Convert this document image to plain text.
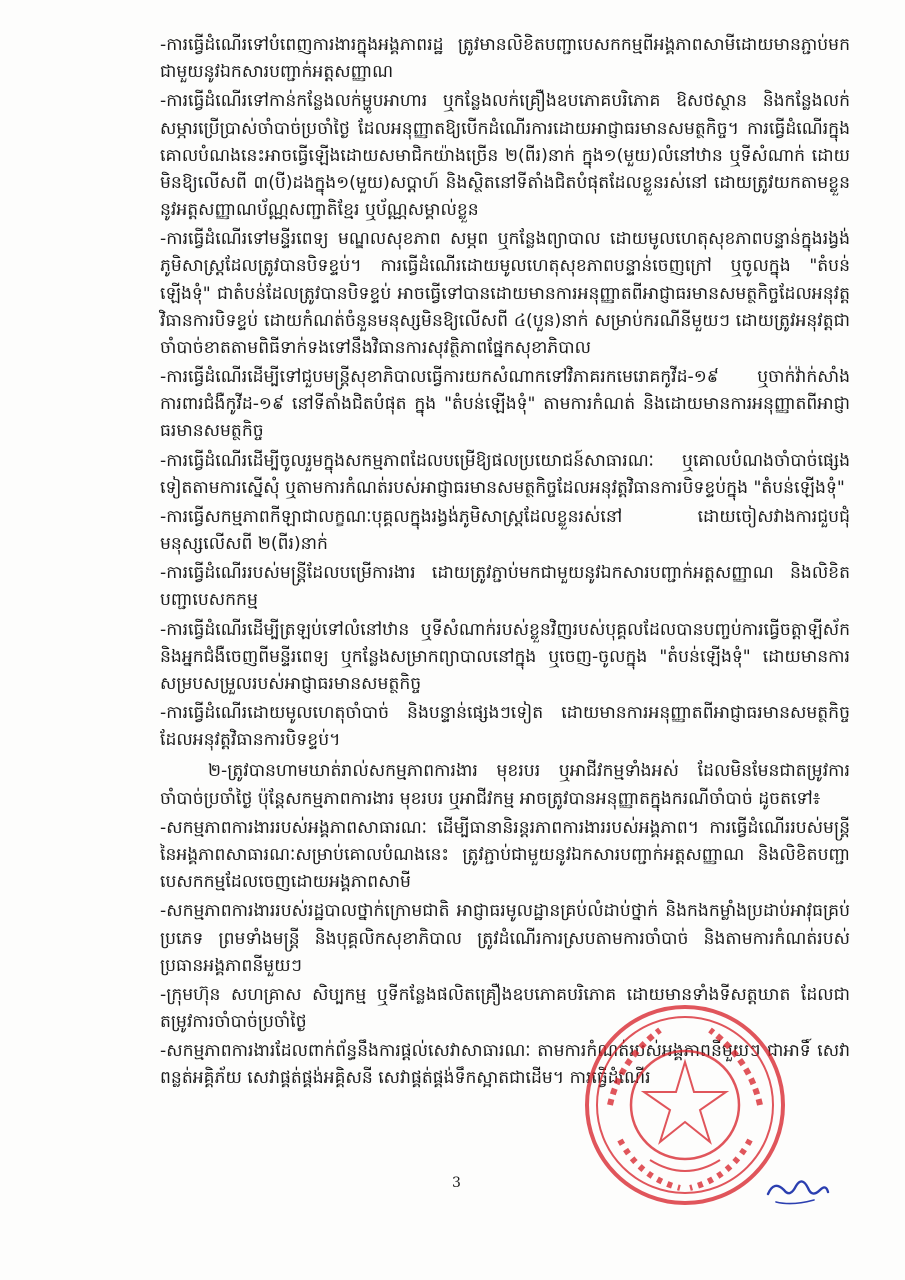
-ការធ្វើដំណើរទៅបំពេញការងារក្នុងអង្គភាពរដ្ឋ ត្រូវមានលិខិតបញ្ជាបេសកកម្មពីអង្គភាពសាមីដោយមានភ្ជាប់មកជាមួយនូវឯកសារបញ្ជាក់អត្តសញ្ញាណ

-ការធ្វើដំណើរទៅកាន់កន្លែងលក់ម្ហូបអាហារ ឬកន្លែងលក់គ្រឿងឧបភោគបរិភោគ ឱសថស្ថាន និងកន្លែងលក់សម្ភារប្រើប្រាស់ចាំបាច់ប្រចាំថ្ងៃ ដែលអនុញ្ញាតឱ្យបើកដំណើរការដោយអាជ្ញាធរមានសមត្ថកិច្ច។ ការធ្វើដំណើរក្នុងគោលបំណងនេះអាចធ្វើឡើងដោយសមាជិកយ៉ាងច្រើន ២(ពីរ)នាក់ ក្នុង១(មួយ)លំនៅឋាន ឬទីសំណាក់ ដោយមិនឱ្យលើសពី ៣(បី)ដងក្នុង១(មួយ)សប្ដាហ៍ និងស្ថិតនៅទីតាំងជិតបំផុតដែលខ្លួនរស់នៅ ដោយត្រូវយកតាមខ្លួននូវអត្តសញ្ញាណប័ណ្ណសញ្ជាតិខ្មែរ ឬប័ណ្ណសម្គាល់ខ្លួន

-ការធ្វើដំណើរទៅមន្ទីរពេទ្យ មណ្ឌលសុខភាព សម្ភព ឬកន្លែងព្យាបាល ដោយមូលហេតុសុខភាពបន្ទាន់ក្នុងរង្វង់ភូមិសាស្ត្រដែលត្រូវបានបិទខ្ទប់។ ការធ្វើដំណើរដោយមូលហេតុសុខភាពបន្ទាន់ចេញក្រៅ ឬចូលក្នុង "តំបន់ឡើងទុំ" ជាតំបន់ដែលត្រូវបានបិទខ្ទប់ អាចធ្វើទៅបានដោយមានការអនុញ្ញាតពីអាជ្ញាធរមានសមត្ថកិច្ចដែលអនុវត្តវិធានការបិទខ្ទប់ ដោយកំណត់ចំនួនមនុស្សមិនឱ្យលើសពី ៤(បួន)នាក់ សម្រាប់ករណីនីមួយៗ ដោយត្រូវអនុវត្តជាចាំបាច់ខាតតាមពិធីទាក់ទងទៅនឹងវិធានការសុវត្ថិភាពផ្នែកសុខាភិបាល

-ការធ្វើដំណើរដើម្បីទៅជួបមន្ត្រីសុខាភិបាលធ្វើការយកសំណាកទៅវិភាគរកមេរោគកូវីដ-១៩ ឬចាក់វ៉ាក់សាំងការពារជំងឺកូវីដ-១៩ នៅទីតាំងជិតបំផុត ក្នុង "តំបន់ឡើងទុំ" តាមការកំណត់ និងដោយមានការអនុញ្ញាតពីអាជ្ញាធរមានសមត្ថកិច្ច

-ការធ្វើដំណើរដើម្បីចូលរួមក្នុងសកម្មភាពដែលបម្រើឱ្យផលប្រយោជន៍សាធារណៈ ឬគោលបំណងចាំបាច់ផ្សេងទៀតតាមការស្នើសុំ ឬតាមការកំណត់របស់អាជ្ញាធរមានសមត្ថកិច្ចដែលអនុវត្តវិធានការបិទខ្ទប់ក្នុង "តំបន់ឡើងទុំ"

-ការធ្វើសកម្មភាពកីឡាជាលក្ខណៈបុគ្គលក្នុងរង្វង់ភូមិសាស្ត្រដែលខ្លួនរស់នៅ ដោយចៀសវាងការជួបជុំមនុស្សលើសពី ២(ពីរ)នាក់

-ការធ្វើដំណើររបស់មន្ត្រីដែលបម្រើការងារ ដោយត្រូវភ្ជាប់មកជាមួយនូវឯកសារបញ្ជាក់អត្តសញ្ញាណ និងលិខិតបញ្ជាបេសកកម្ម

-ការធ្វើដំណើរដើម្បីត្រឡប់ទៅលំនៅឋាន ឬទីសំណាក់របស់ខ្លួនវិញរបស់បុគ្គលដែលបានបញ្ចប់ការធ្វើចត្តាឡីស័ក និងអ្នកជំងឺចេញពីមន្ទីរពេទ្យ ឬកន្លែងសម្រាកព្យាបាលនៅក្នុង ឬចេញ-ចូលក្នុង "តំបន់ឡើងទុំ" ដោយមានការសម្របសម្រួលរបស់អាជ្ញាធរមានសមត្ថកិច្ច

-ការធ្វើដំណើរដោយមូលហេតុចាំបាច់ និងបន្ទាន់ផ្សេងៗទៀត ដោយមានការអនុញ្ញាតពីអាជ្ញាធរមានសមត្ថកិច្ច ដែលអនុវត្តវិធានការបិទខ្ទប់។

២-ត្រូវបានហាមឃាត់រាល់សកម្មភាពការងារ មុខរបរ ឬអាជីវកម្មទាំងអស់ ដែលមិនមែនជាតម្រូវការចាំបាច់ប្រចាំថ្ងៃ ប៉ុន្តែសកម្មភាពការងារ មុខរបរ ឬអាជីវកម្ម អាចត្រូវបានអនុញ្ញាតក្នុងករណីចាំបាច់ ដូចតទៅ៖

-សកម្មភាពការងាររបស់អង្គភាពសាធារណៈ ដើម្បីធានានិរន្តរភាពការងាររបស់អង្គភាព។ ការធ្វើដំណើររបស់មន្ត្រីនៃអង្គភាពសាធារណៈសម្រាប់គោលបំណងនេះ ត្រូវភ្ជាប់ជាមួយនូវឯកសារបញ្ជាក់អត្តសញ្ញាណ និងលិខិតបញ្ជាបេសកកម្មដែលចេញដោយអង្គភាពសាមី

-សកម្មភាពការងាររបស់រដ្ឋបាលថ្នាក់ក្រោមជាតិ អាជ្ញាធរមូលដ្ឋានគ្រប់លំដាប់ថ្នាក់ និងកងកម្លាំងប្រដាប់អាវុធគ្រប់ប្រភេទ ព្រមទាំងមន្ត្រី និងបុគ្គលិកសុខាភិបាល ត្រូវដំណើរការស្របតាមការចាំបាច់ និងតាមការកំណត់របស់ប្រធានអង្គភាពនីមួយៗ

-ក្រុមហ៊ុន សហគ្រាស សិប្បកម្ម ឬទីកន្លែងផលិតគ្រឿងឧបភោគបរិភោគ ដោយមានទាំងទីសត្តឃាត ដែលជាតម្រូវការចាំបាច់ប្រចាំថ្ងៃ

-សកម្មភាពការងារដែលពាក់ព័ន្ធនឹងការផ្ដល់សេវាសាធារណៈ តាមការកំណត់របស់អង្គភាពនីមួយៗ ជាអាទិ៍ សេវាពន្លត់អគ្គិភ័យ សេវាផ្គត់ផ្គង់អគ្គិសនី សេវាផ្គត់ផ្គង់ទឹកស្អាតជាដើម។ ការធ្វើដំណើរ

3
